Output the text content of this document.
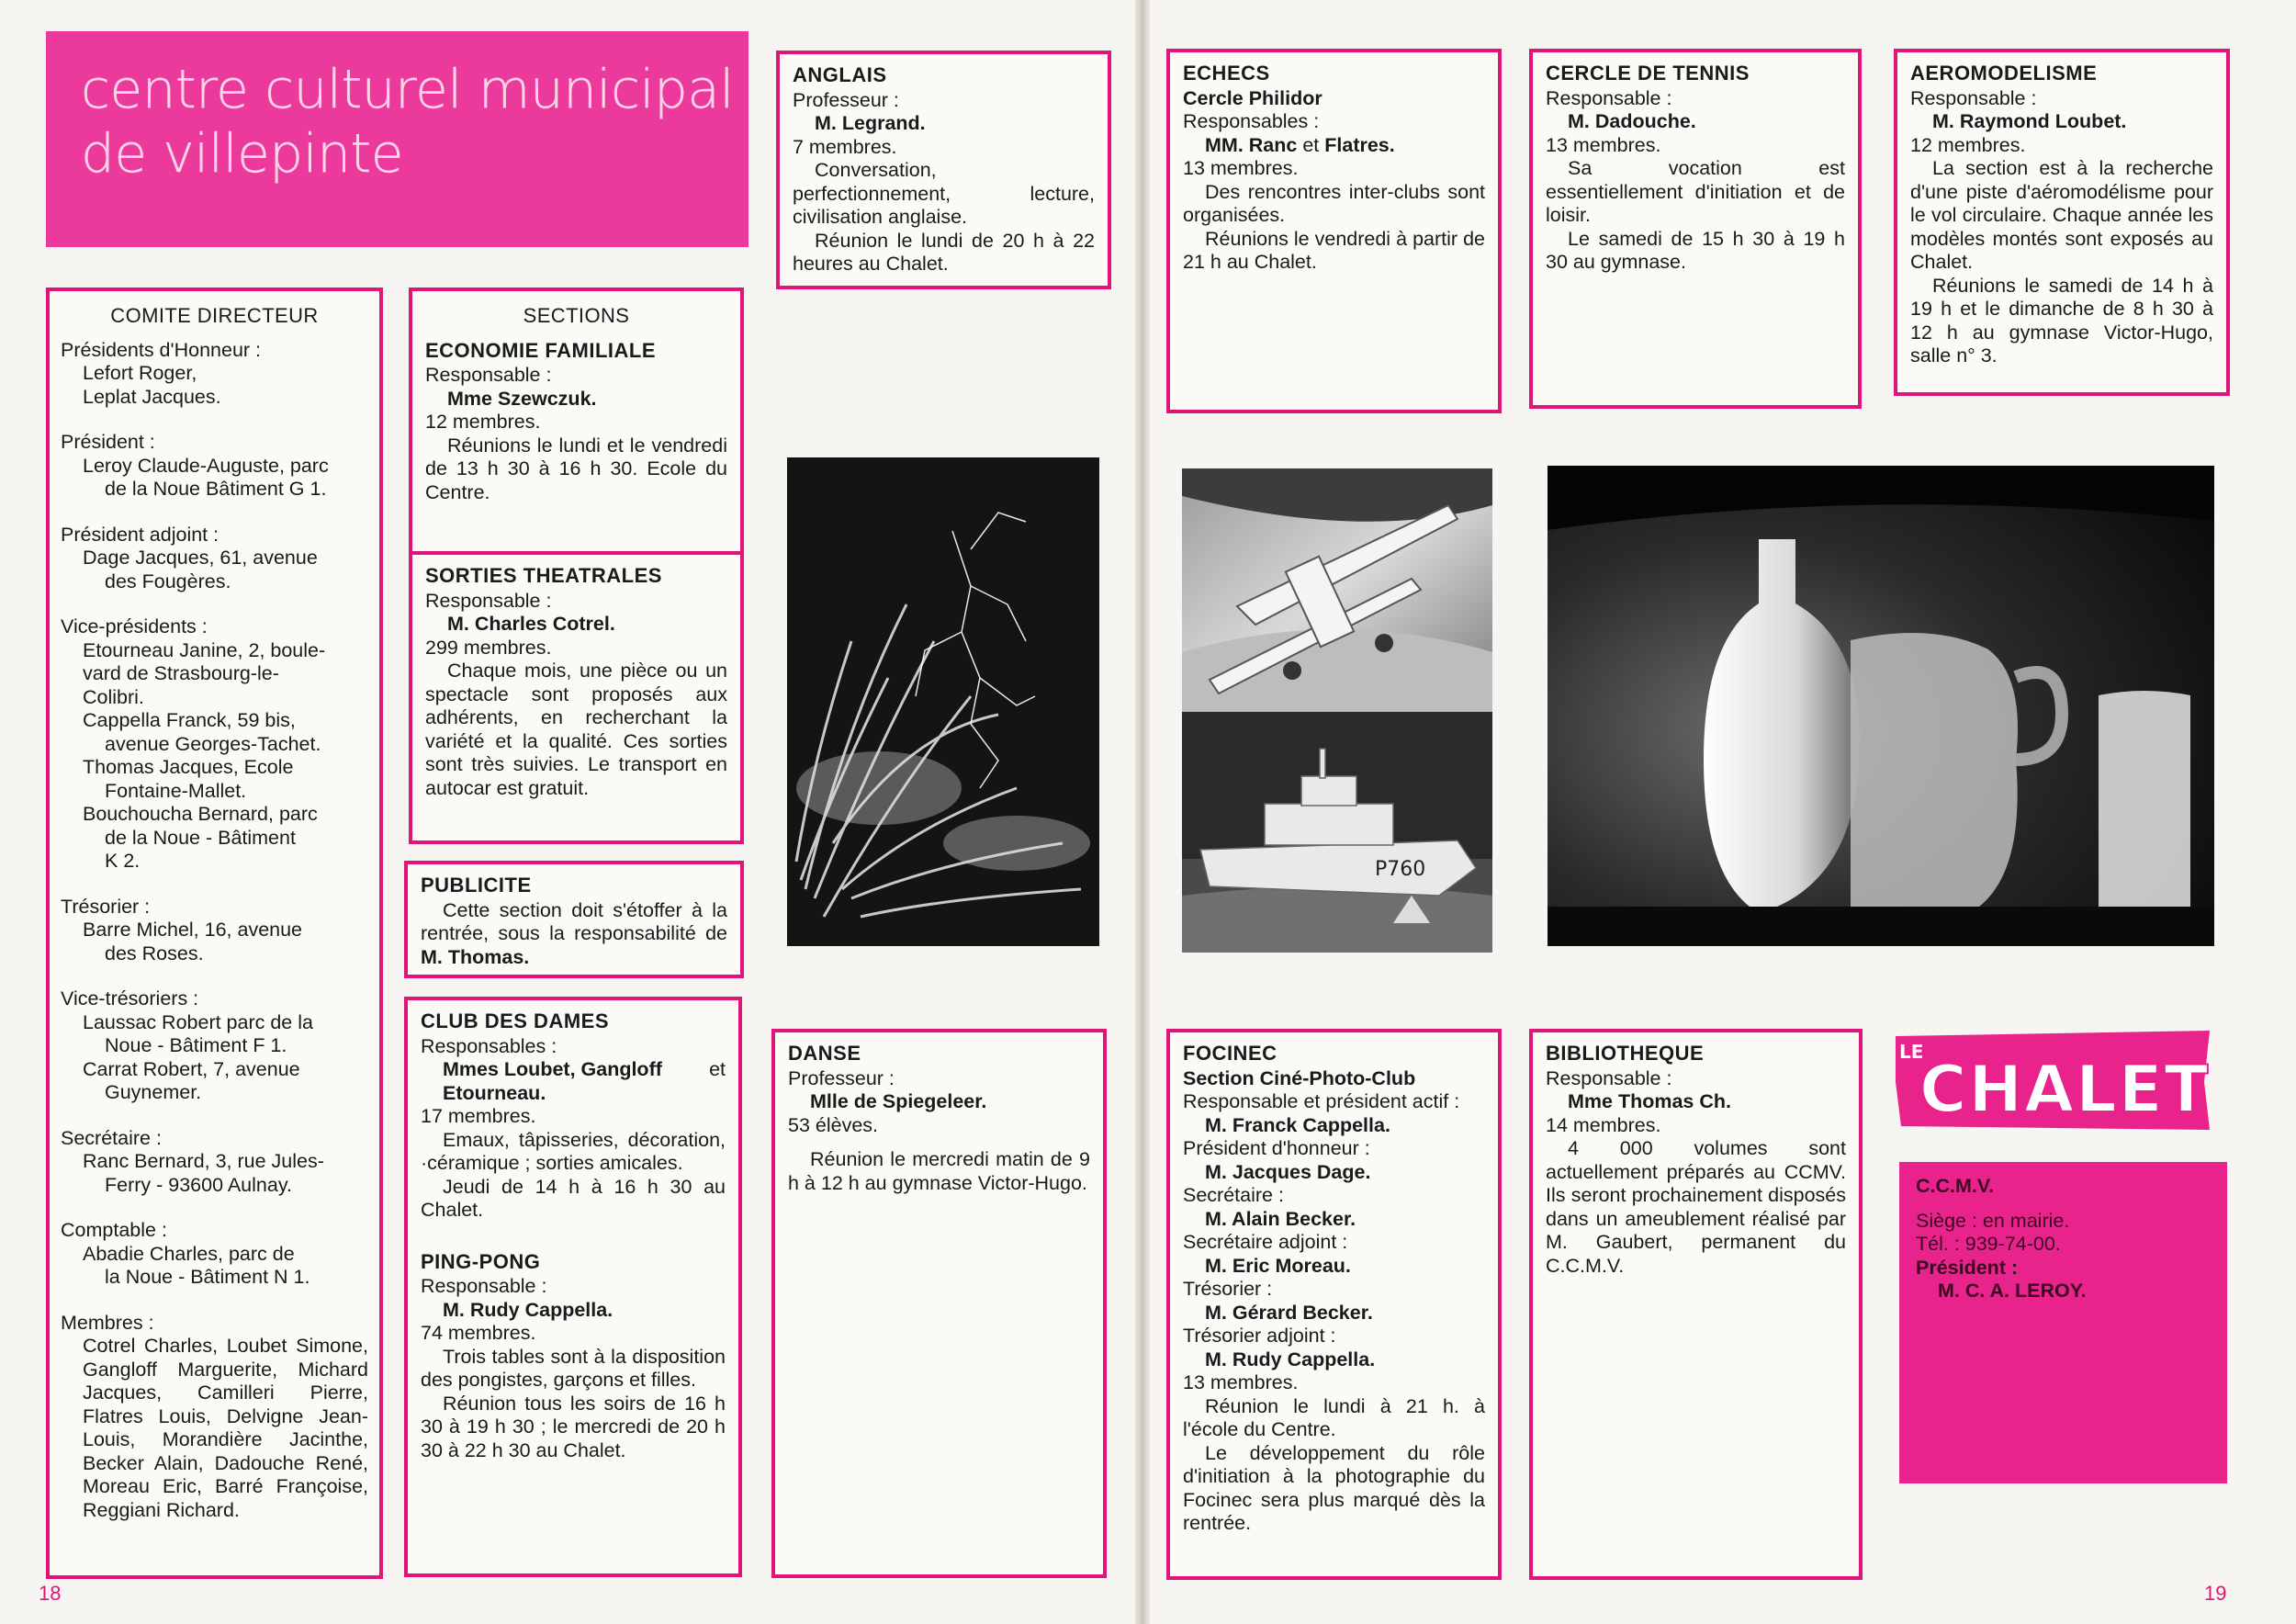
centre culturel municipal
de villepinte
COMITE DIRECTEUR

Présidents d'Honneur :

Lefort Roger,

Leplat Jacques.

Président :

Leroy Claude-Auguste, parc

de la Noue Bâtiment G 1.

Président adjoint :

Dage Jacques, 61, avenue

des Fougères.

Vice-présidents :

Etourneau Janine, 2, boule-

vard de Strasbourg-le-

Colibri.

Cappella Franck, 59 bis,

avenue Georges-Tachet.

Thomas Jacques, Ecole

Fontaine-Mallet.

Bouchoucha Bernard, parc

de la Noue - Bâtiment

K 2.

Trésorier :

Barre Michel, 16, avenue

des Roses.

Vice-trésoriers :

Laussac Robert parc de la

Noue - Bâtiment F 1.

Carrat Robert, 7, avenue

Guynemer.

Secrétaire :

Ranc Bernard, 3, rue Jules-

Ferry - 93600 Aulnay.

Comptable :

Abadie Charles, parc de

la Noue - Bâtiment N 1.

Membres :

Cotrel Charles, Loubet Simone, Gangloff Marguerite, Michard Jacques, Camilleri Pierre, Flatres Louis, Delvigne Jean-Louis, Morandière Jacinthe, Becker Alain, Dadouche René, Moreau Eric, Barré Françoise, Reggiani Richard.

SECTIONS

ECONOMIE FAMILIALE

Responsable :

Mme Szewczuk.

12 membres.

Réunions le lundi et le vendredi de 13 h 30 à 16 h 30. Ecole du Centre.

SORTIES THEATRALES

Responsable :

M. Charles Cotrel.

299 membres.

Chaque mois, une pièce ou un spectacle sont proposés aux adhérents, en recherchant la variété et la qualité. Ces sorties sont très suivies. Le transport en autocar est gratuit.

PUBLICITE

Cette section doit s'étoffer à la rentrée, sous la responsabilité de M. Thomas.

CLUB DES DAMES

Responsables :

Mmes Loubet, Gangloff et

Etourneau.

17 membres.

Emaux, tâpisseries, décoration, ·céramique ; sorties amicales.

Jeudi de 14 h à 16 h 30 au Chalet.

PING-PONG

Responsable :

M. Rudy Cappella.

74 membres.

Trois tables sont à la disposition des pongistes, garçons et filles.

Réunion tous les soirs de 16 h 30 à 19 h 30 ; le mercredi de 20 h 30 à 22 h 30 au Chalet.

ANGLAIS

Professeur :

M. Legrand.

7 membres.

Conversation, perfectionnement, lecture, civilisation anglaise.

Réunion le lundi de 20 h à 22 heures au Chalet.

DANSE

Professeur :

Mlle de Spiegeleer.

53 élèves.

Réunion le mercredi matin de 9 h à 12 h au gymnase Victor-Hugo.

ECHECS

Cercle Philidor

Responsables :

MM. Ranc et Flatres.

13 membres.

Des rencontres inter-clubs sont organisées.

Réunions le vendredi à partir de 21 h au Chalet.

CERCLE DE TENNIS

Responsable :

M. Dadouche.

13 membres.

Sa vocation est essentiellement d'initiation et de loisir.

Le samedi de 15 h 30 à 19 h 30 au gymnase.

AEROMODELISME

Responsable :

M. Raymond Loubet.

12 membres.

La section est à la recherche d'une piste d'aéromodélisme pour le vol circulaire. Chaque année les modèles montés sont exposés au Chalet.

Réunions le samedi de 14 h à 19 h et le dimanche de 8 h 30 à 12 h au gymnase Victor-Hugo, salle n° 3.

P760

FOCINEC

Section Ciné-Photo-Club

Responsable et président actif :

M. Franck Cappella.

Président d'honneur :

M. Jacques Dage.

Secrétaire :

M. Alain Becker.

Secrétaire adjoint :

M. Eric Moreau.

Trésorier :

M. Gérard Becker.

Trésorier adjoint :

M. Rudy Cappella.

13 membres.

Réunion le lundi à 21 h. à l'école du Centre.

Le développement du rôle d'initiation à la photographie du Focinec sera plus marqué dès la rentrée.

BIBLIOTHEQUE

Responsable :

Mme Thomas Ch.

14 membres.

4 000 volumes sont actuellement préparés au CCMV. Ils seront prochainement disposés dans un ameublement réalisé par M. Gaubert, permanent du C.C.M.V.

LE
CHALET

C.C.M.V.

Siège : en mairie.

Tél. : 939-74-00.

Président :

M. C. A. LEROY.

18	19
